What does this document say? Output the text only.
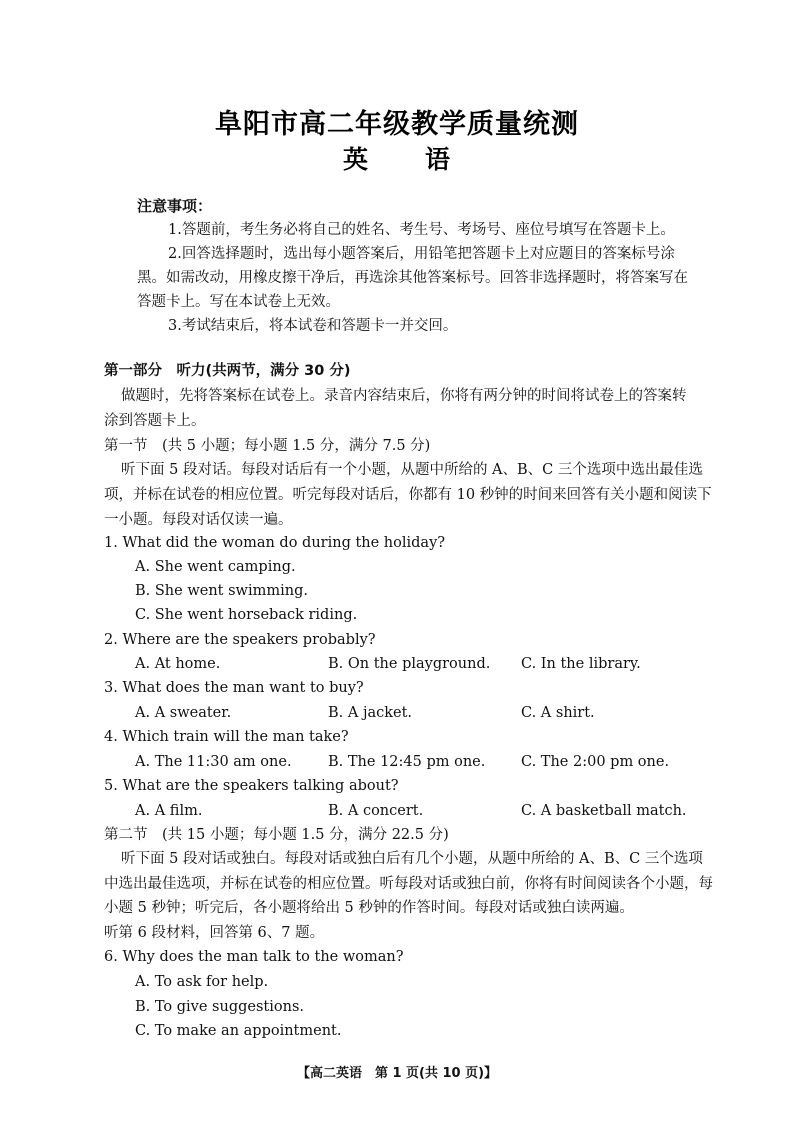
阜阳市高二年级教学质量统测
英 语
注意事项：
1.答题前，考生务必将自己的姓名、考生号、考场号、座位号填写在答题卡上。
2.回答选择题时，选出每小题答案后，用铅笔把答题卡上对应题目的答案标号涂
黑。如需改动，用橡皮擦干净后，再选涂其他答案标号。回答非选择题时，将答案写在
答题卡上。写在本试卷上无效。
3.考试结束后，将本试卷和答题卡一并交回。
第一部分　听力(共两节，满分 30 分)
做题时，先将答案标在试卷上。录音内容结束后，你将有两分钟的时间将试卷上的答案转
涂到答题卡上。
第一节　(共 5 小题；每小题 1.5 分，满分 7.5 分)
听下面 5 段对话。每段对话后有一个小题，从题中所给的 A、B、C 三个选项中选出最佳选
项，并标在试卷的相应位置。听完每段对话后，你都有 10 秒钟的时间来回答有关小题和阅读下
一小题。每段对话仅读一遍。
1. What did the woman do during the holiday?
A. She went camping.
B. She went swimming.
C. She went horseback riding.
2. Where are the speakers probably?
A. At home.	B. On the playground. C. In the library.
3. What does the man want to buy?
A. A sweater.	B. A jacket.	C. A shirt.
4. Which train will the man take?
A. The 11:30 am one.	B. The 12:45 pm one. C. The 2:00 pm one.
5. What are the speakers talking about?
A. A film.	B. A concert.	C. A basketball match.
第二节　(共 15 小题；每小题 1.5 分，满分 22.5 分)
听下面 5 段对话或独白。每段对话或独白后有几个小题，从题中所给的 A、B、C 三个选项
中选出最佳选项，并标在试卷的相应位置。听每段对话或独白前，你将有时间阅读各个小题，每
小题 5 秒钟；听完后，各小题将给出 5 秒钟的作答时间。每段对话或独白读两遍。
听第 6 段材料，回答第 6、7 题。
6. Why does the man talk to the woman?
A. To ask for help.
B. To give suggestions.
C. To make an appointment.
【高二英语　第 1 页(共 10 页)】
